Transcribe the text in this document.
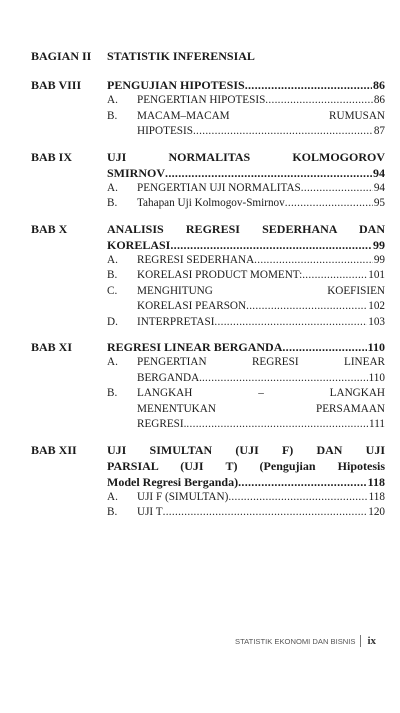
BAGIAN II	STATISTIK INFERENSIAL
BAB VIII	PENGUJIAN HIPOTESIS .....	86
A.	PENGERTIAN HIPOTESIS .....	86
B.	MACAM–MACAM RUMUSAN
HIPOTESIS .....	87
BAB IX	UJI NORMALITAS KOLMOGOROV
SMIRNOV .....	94
A.	PENGERTIAN UJI NORMALITAS .....	94
B.	Tahapan Uji Kolmogov-Smirnov .....	95
BAB X	ANALISIS REGRESI SEDERHANA DAN
KORELASI .....	99
A.	REGRESI SEDERHANA .....	99
B.	KORELASI PRODUCT MOMENT: .....	101
C.	MENGHITUNG KOEFISIEN
KORELASI PEARSON .....	102
D.	INTERPRETASI .....	103
BAB XI	REGRESI LINEAR BERGANDA .....	110
A.	PENGERTIAN REGRESI LINEAR
BERGANDA. .....	110
B.	LANGKAH – LANGKAH
MENENTUKAN PERSAMAAN
REGRESI. .....	111
BAB XII	UJI SIMULTAN (UJI F) DAN UJI
PARSIAL (UJI T) (Pengujian Hipotesis
Model Regresi Berganda) .....	118
A.	UJI F (SIMULTAN) .....	118
B.	UJI T .....	120
STATISTIK EKONOMI DAN BISNIS ix
